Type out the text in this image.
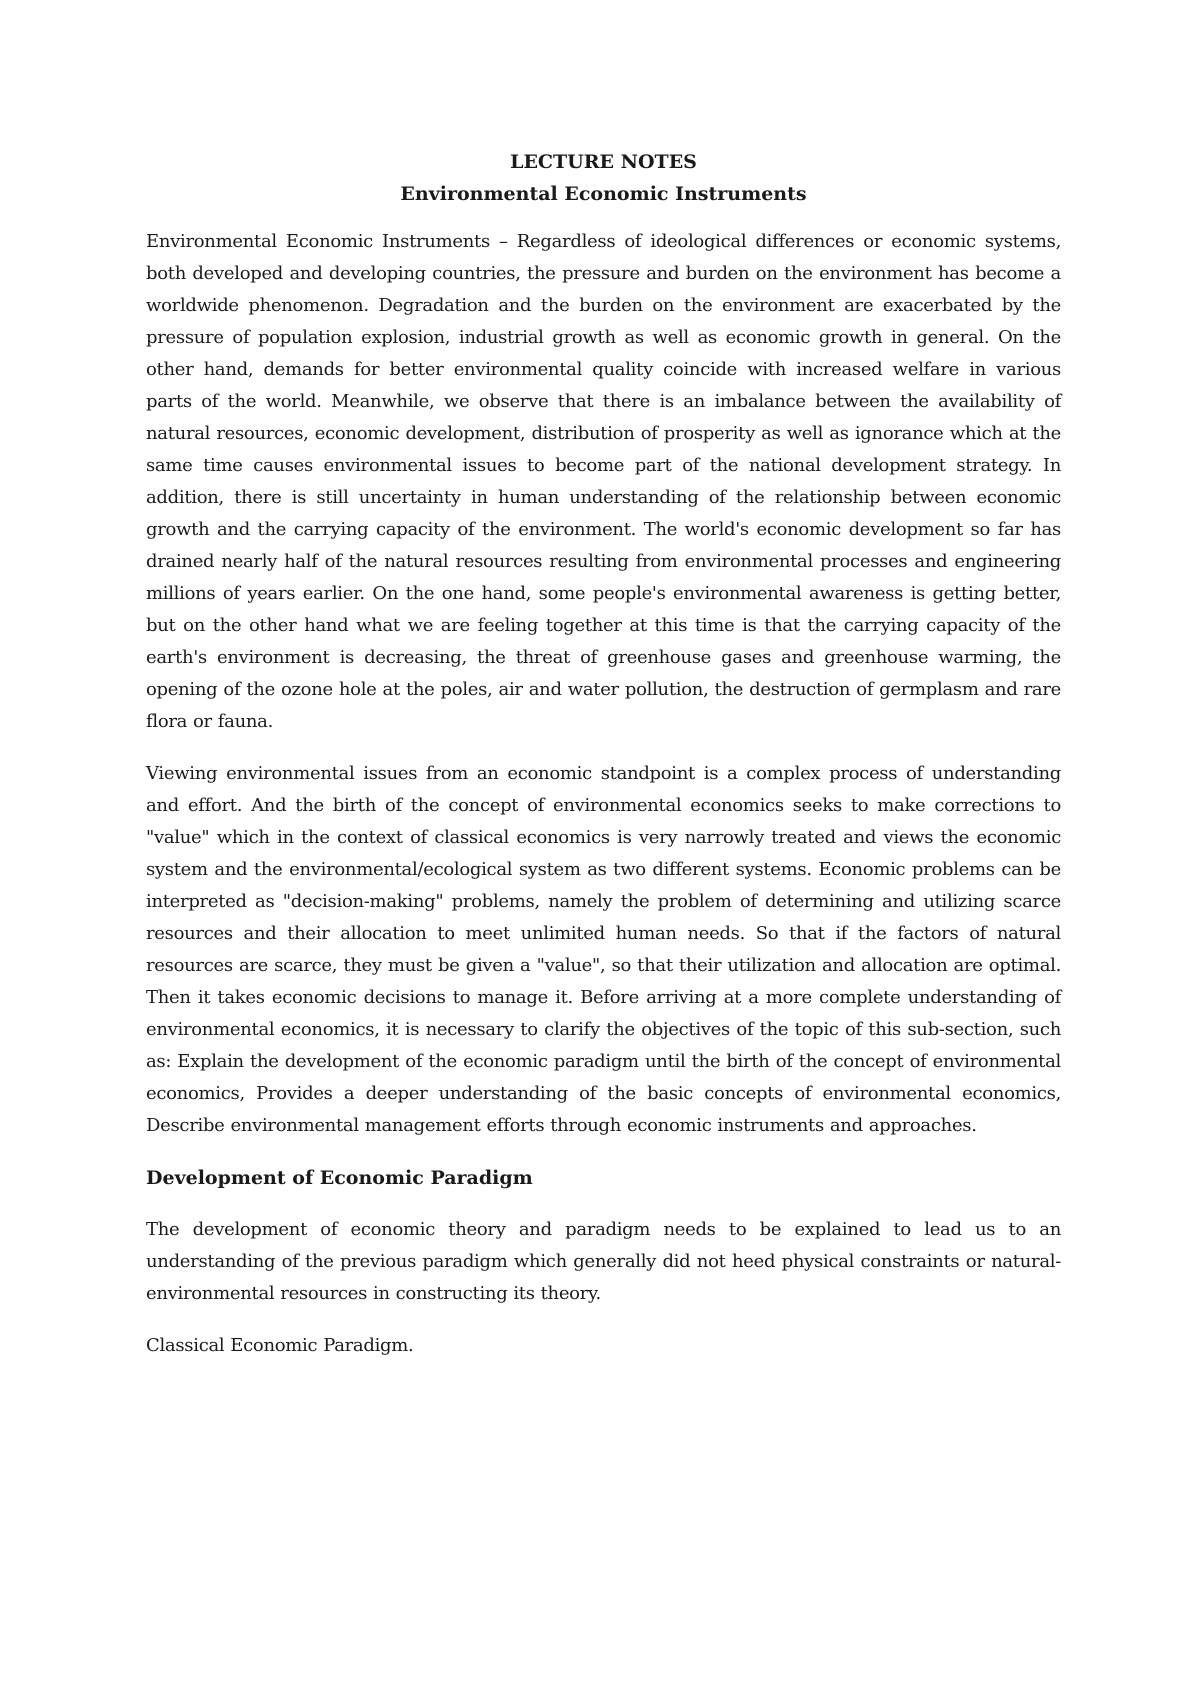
LECTURE NOTES

Environmental Economic Instruments

Environmental Economic Instruments – Regardless of ideological differences or economic systems, both developed and developing countries, the pressure and burden on the environment has become a worldwide phenomenon. Degradation and the burden on the environment are exacerbated by the pressure of population explosion, industrial growth as well as economic growth in general. On the other hand, demands for better environmental quality coincide with increased welfare in various parts of the world. Meanwhile, we observe that there is an imbalance between the availability of natural resources, economic development, distribution of prosperity as well as ignorance which at the same time causes environmental issues to become part of the national development strategy. In addition, there is still uncertainty in human understanding of the relationship between economic growth and the carrying capacity of the environment. The world's economic development so far has drained nearly half of the natural resources resulting from environmental processes and engineering millions of years earlier. On the one hand, some people's environmental awareness is getting better, but on the other hand what we are feeling together at this time is that the carrying capacity of the earth's environment is decreasing, the threat of greenhouse gases and greenhouse warming, the opening of the ozone hole at the poles, air and water pollution, the destruction of germplasm and rare flora or fauna.

Viewing environmental issues from an economic standpoint is a complex process of understanding and effort. And the birth of the concept of environmental economics seeks to make corrections to "value" which in the context of classical economics is very narrowly treated and views the economic system and the environmental/ecological system as two different systems. Economic problems can be interpreted as "decision-making" problems, namely the problem of determining and utilizing scarce resources and their allocation to meet unlimited human needs. So that if the factors of natural resources are scarce, they must be given a "value", so that their utilization and allocation are optimal. Then it takes economic decisions to manage it. Before arriving at a more complete understanding of environmental economics, it is necessary to clarify the objectives of the topic of this sub-section, such as: Explain the development of the economic paradigm until the birth of the concept of environmental economics, Provides a deeper understanding of the basic concepts of environmental economics, Describe environmental management efforts through economic instruments and approaches.

Development of Economic Paradigm

The development of economic theory and paradigm needs to be explained to lead us to an understanding of the previous paradigm which generally did not heed physical constraints or natural-environmental resources in constructing its theory.

Classical Economic Paradigm.
